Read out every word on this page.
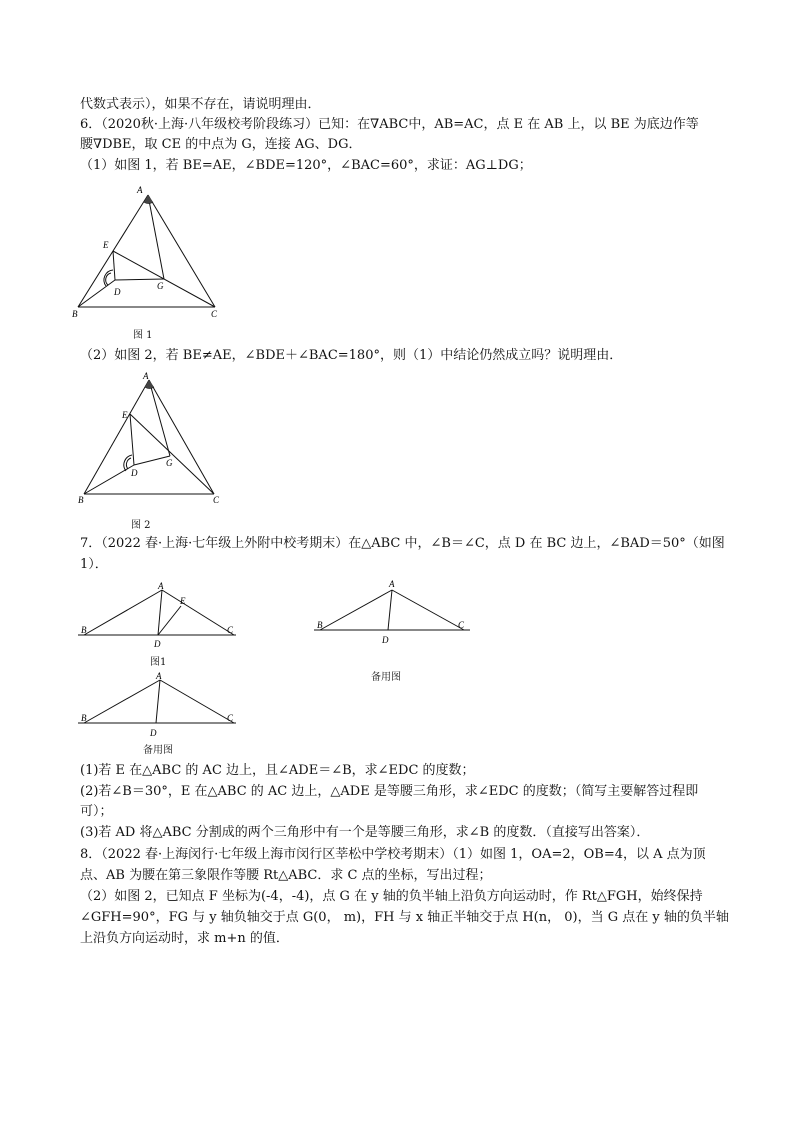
代数式表示），如果不存在，请说明理由．
6．（2020秋·上海·八年级校考阶段练习）已知：在∇ABC中，AB=AC，点 E 在 AB 上，以 BE 为底边作等
腰∇DBE，取 CE 的中点为 G，连接 AG、DG．
（1）如图 1，若 BE=AE，∠BDE=120°，∠BAC=60°，求证：AG⊥DG；
A
E
D
G
B	C
图 1
（2）如图 2，若 BE≠AE，∠BDE＋∠BAC=180°，则（1）中结论仍然成立吗？说明理由．
A
E
D
G
B	C
图 2
7．（2022 春·上海·七年级上外附中校考期末）在△ABC 中，∠B＝∠C，点 D 在 BC 边上，∠BAD＝50°（如图
1）．
A
E
B
D
C
图1
A
B
D
C
备用图
A
B
D
C
备用图
(1)若 E 在△ABC 的 AC 边上，且∠ADE＝∠B，求∠EDC 的度数；
(2)若∠B＝30°，E 在△ABC 的 AC 边上，△ADE 是等腰三角形，求∠EDC 的度数；（简写主要解答过程即
可）；
(3)若 AD 将△ABC 分割成的两个三角形中有一个是等腰三角形，求∠B 的度数．（直接写出答案）．
8．（2022 春·上海闵行·七年级上海市闵行区莘松中学校考期末）（1）如图 1，OA=2，OB=4，以 A 点为顶
点、AB 为腰在第三象限作等腰 Rt△ABC．求 C 点的坐标，写出过程；
（2）如图 2，已知点 F 坐标为(-4，-4)，点 G 在 y 轴的负半轴上沿负方向运动时，作 Rt△FGH，始终保持
∠GFH=90°，FG 与 y 轴负轴交于点 G(0， m)，FH 与 x 轴正半轴交于点 H(n， 0)，当 G 点在 y 轴的负半轴
上沿负方向运动时，求 m+n 的值．
